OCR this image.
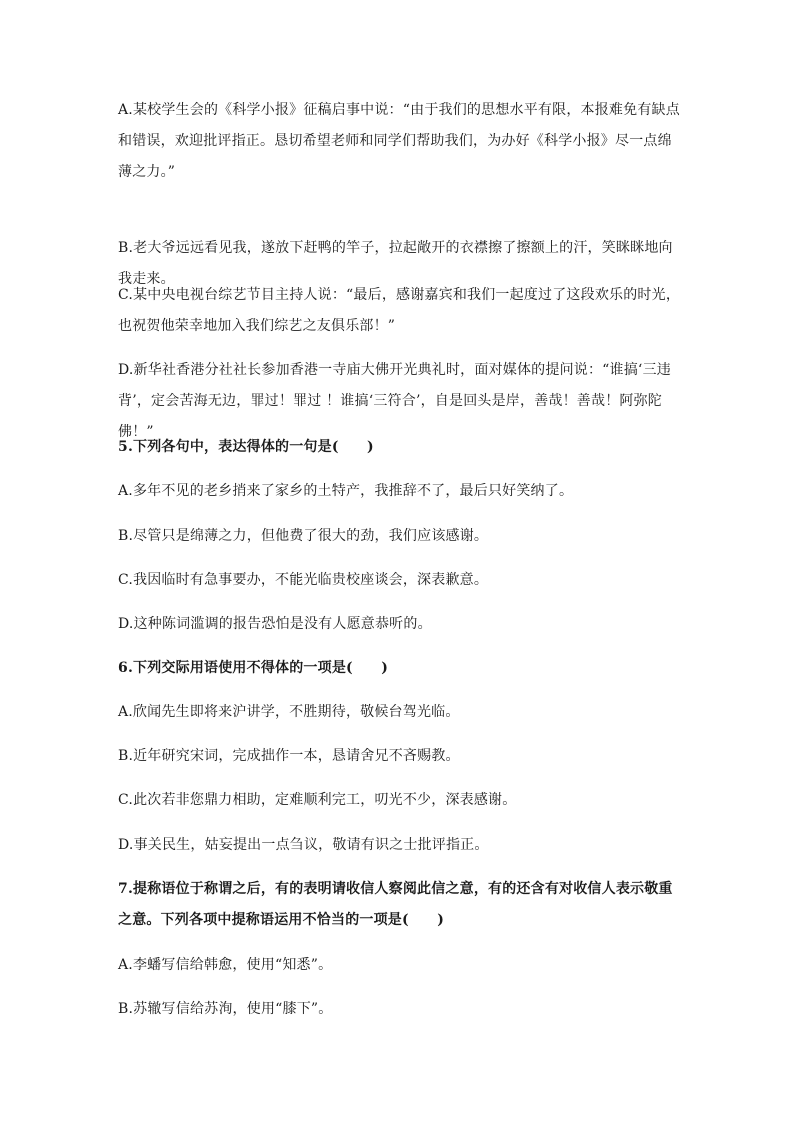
A.某校学生会的《科学小报》征稿启事中说：“由于我们的思想水平有限，本报难免有缺点和错误，欢迎批评指正。恳切希望老师和同学们帮助我们，为办好《科学小报》尽一点绵薄之力。”
B.老大爷远远看见我，遂放下赶鸭的竿子，拉起敞开的衣襟擦了擦额上的汗，笑眯眯地向我走来。
C.某中央电视台综艺节目主持人说：“最后，感谢嘉宾和我们一起度过了这段欢乐的时光，也祝贺他荣幸地加入我们综艺之友俱乐部！”
D.新华社香港分社社长参加香港一寺庙大佛开光典礼时，面对媒体的提问说：“谁搞‘三违背’，定会苦海无边，罪过！罪过 ！谁搞‘三符合’，自是回头是岸，善哉！善哉！阿弥陀佛！”
5.下列各句中，表达得体的一句是(　　)
A.多年不见的老乡捎来了家乡的土特产，我推辞不了，最后只好笑纳了。
B.尽管只是绵薄之力，但他费了很大的劲，我们应该感谢。
C.我因临时有急事要办，不能光临贵校座谈会，深表歉意。
D.这种陈词滥调的报告恐怕是没有人愿意恭听的。
6.下列交际用语使用不得体的一项是(　　)
A.欣闻先生即将来沪讲学，不胜期待，敬候台驾光临。
B.近年研究宋词，完成拙作一本，恳请舍兄不吝赐教。
C.此次若非您鼎力相助，定难顺利完工，叨光不少，深表感谢。
D.事关民生，姑妄提出一点刍议，敬请有识之士批评指正。
7.提称语位于称谓之后，有的表明请收信人察阅此信之意，有的还含有对收信人表示敬重之意。下列各项中提称语运用不恰当的一项是(　　)
A.李蟠写信给韩愈，使用“知悉”。
B.苏辙写信给苏洵，使用“膝下”。
